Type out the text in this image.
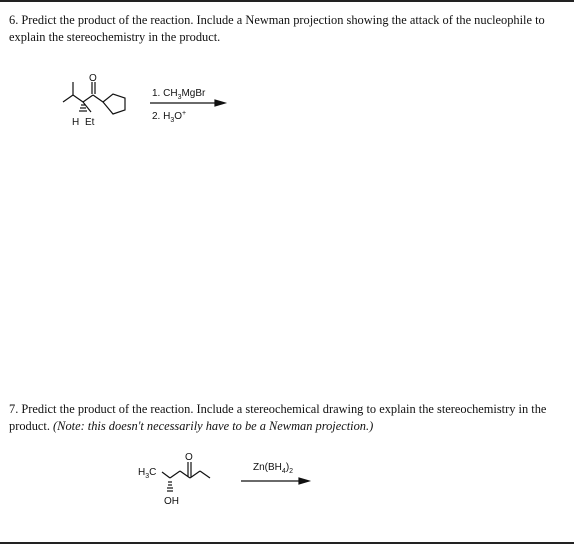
6. Predict the product of the reaction. Include a Newman projection showing the attack of the nucleophile to explain the stereochemistry in the product.
O
H Et
1. $CH_3MgBr$
2. $H_3O^+$
7. Predict the product of the reaction. Include a stereochemical drawing to explain the stereochemistry in the product. (Note: this doesn't necessarily have to be a Newman projection.)
$H_3C$
O
OH
$Zn(BH_4)_2$
